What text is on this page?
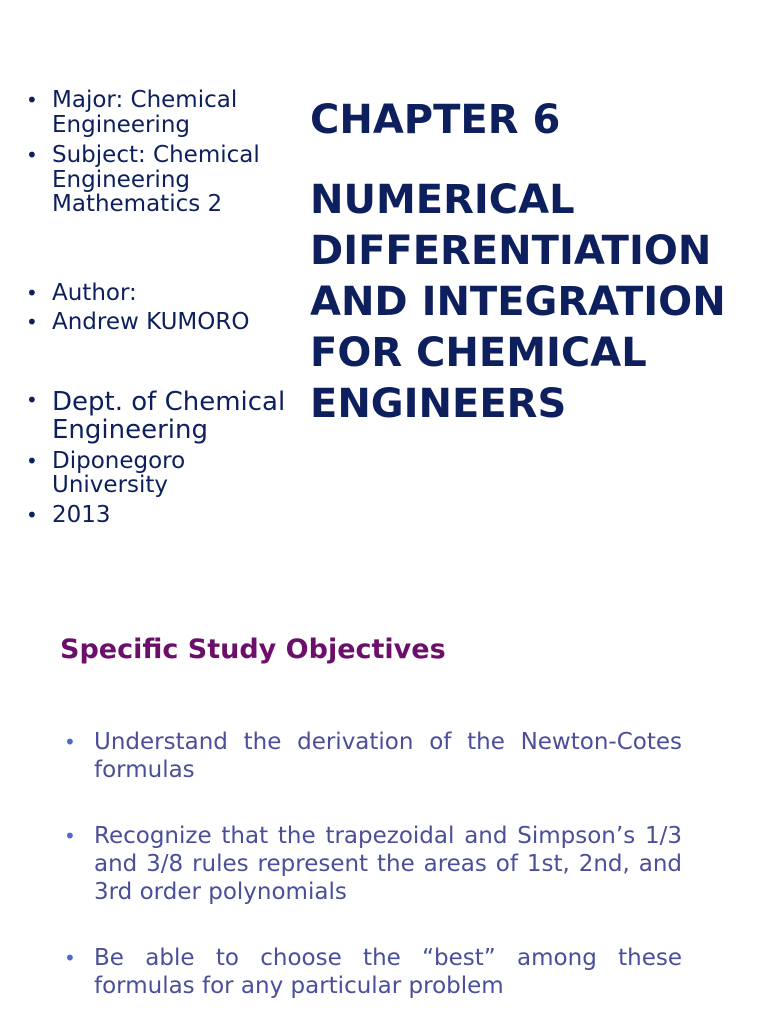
• Major: Chemical Engineering
• Subject: Chemical Engineering Mathematics 2
• Author:
• Andrew KUMORO
• Dept. of Chemical Engineering
• Diponegoro University
• 2013
CHAPTER 6
NUMERICAL DIFFERENTIATION AND INTEGRATION FOR CHEMICAL ENGINEERS
Specific Study Objectives
• Understand the derivation of the Newton-Cotes formulas
• Recognize that the trapezoidal and Simpson’s 1/3 and 3/8 rules represent the areas of 1st, 2nd, and 3rd order polynomials
• Be able to choose the “best” among these formulas for any particular problem
